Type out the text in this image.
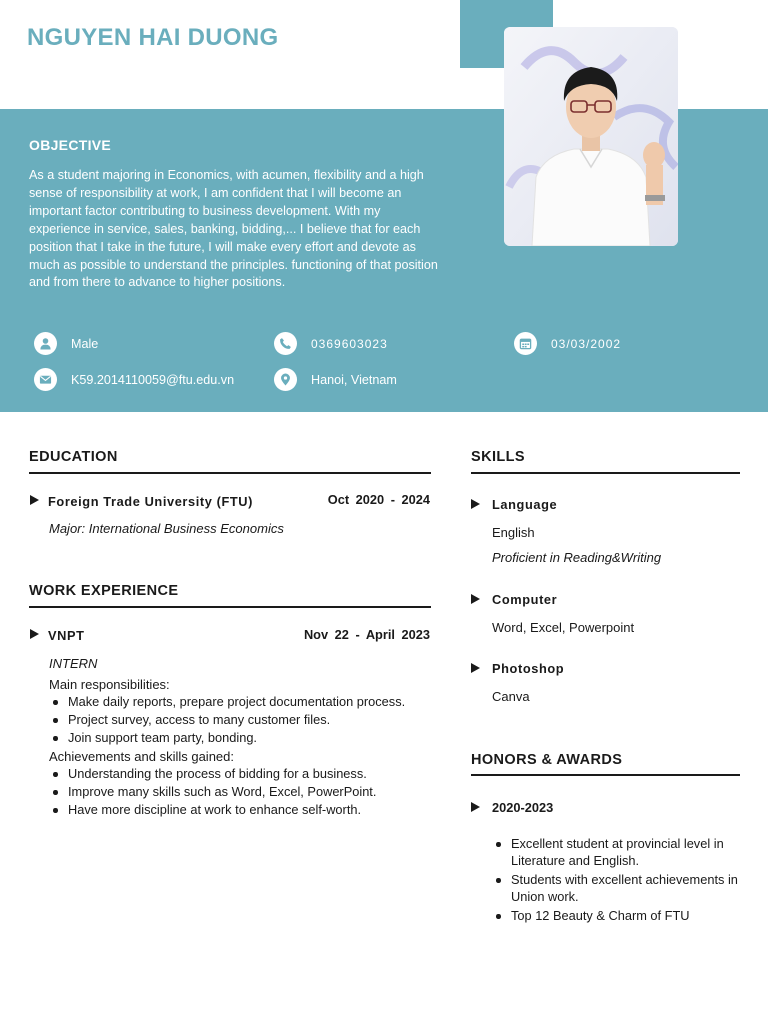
NGUYEN HAI DUONG
OBJECTIVE
As a student majoring in Economics, with acumen, flexibility and a high sense of responsibility at work, I am confident that I will become an important factor contributing to business development. With my experience in service, sales, banking, bidding,... I believe that for each position that I take in the future, I will make every effort and devote as much as possible to understand the principles. functioning of that position and from there to advance to higher positions.
Male	0369603023	03/03/2002
K59.2014110059@ftu.edu.vn	Hanoi, Vietnam
EDUCATION
Foreign Trade University (FTU)	Oct 2020 - 2024
Major: International Business Economics
WORK EXPERIENCE
VNPT	Nov 22 - April 2023
INTERN
Main responsibilities:
Make daily reports, prepare project documentation process.
Project survey, access to many customer files.
Join support team party, bonding.
Achievements and skills gained:
Understanding the process of bidding for a business.
Improve many skills such as Word, Excel, PowerPoint.
Have more discipline at work to enhance self-worth.
SKILLS
Language
English
Proficient in Reading&Writing
Computer
Word, Excel, Powerpoint
Photoshop
Canva
HONORS & AWARDS
2020-2023
Excellent student at provincial level in Literature and English.
Students with excellent achievements in Union work.
Top 12 Beauty & Charm of FTU
